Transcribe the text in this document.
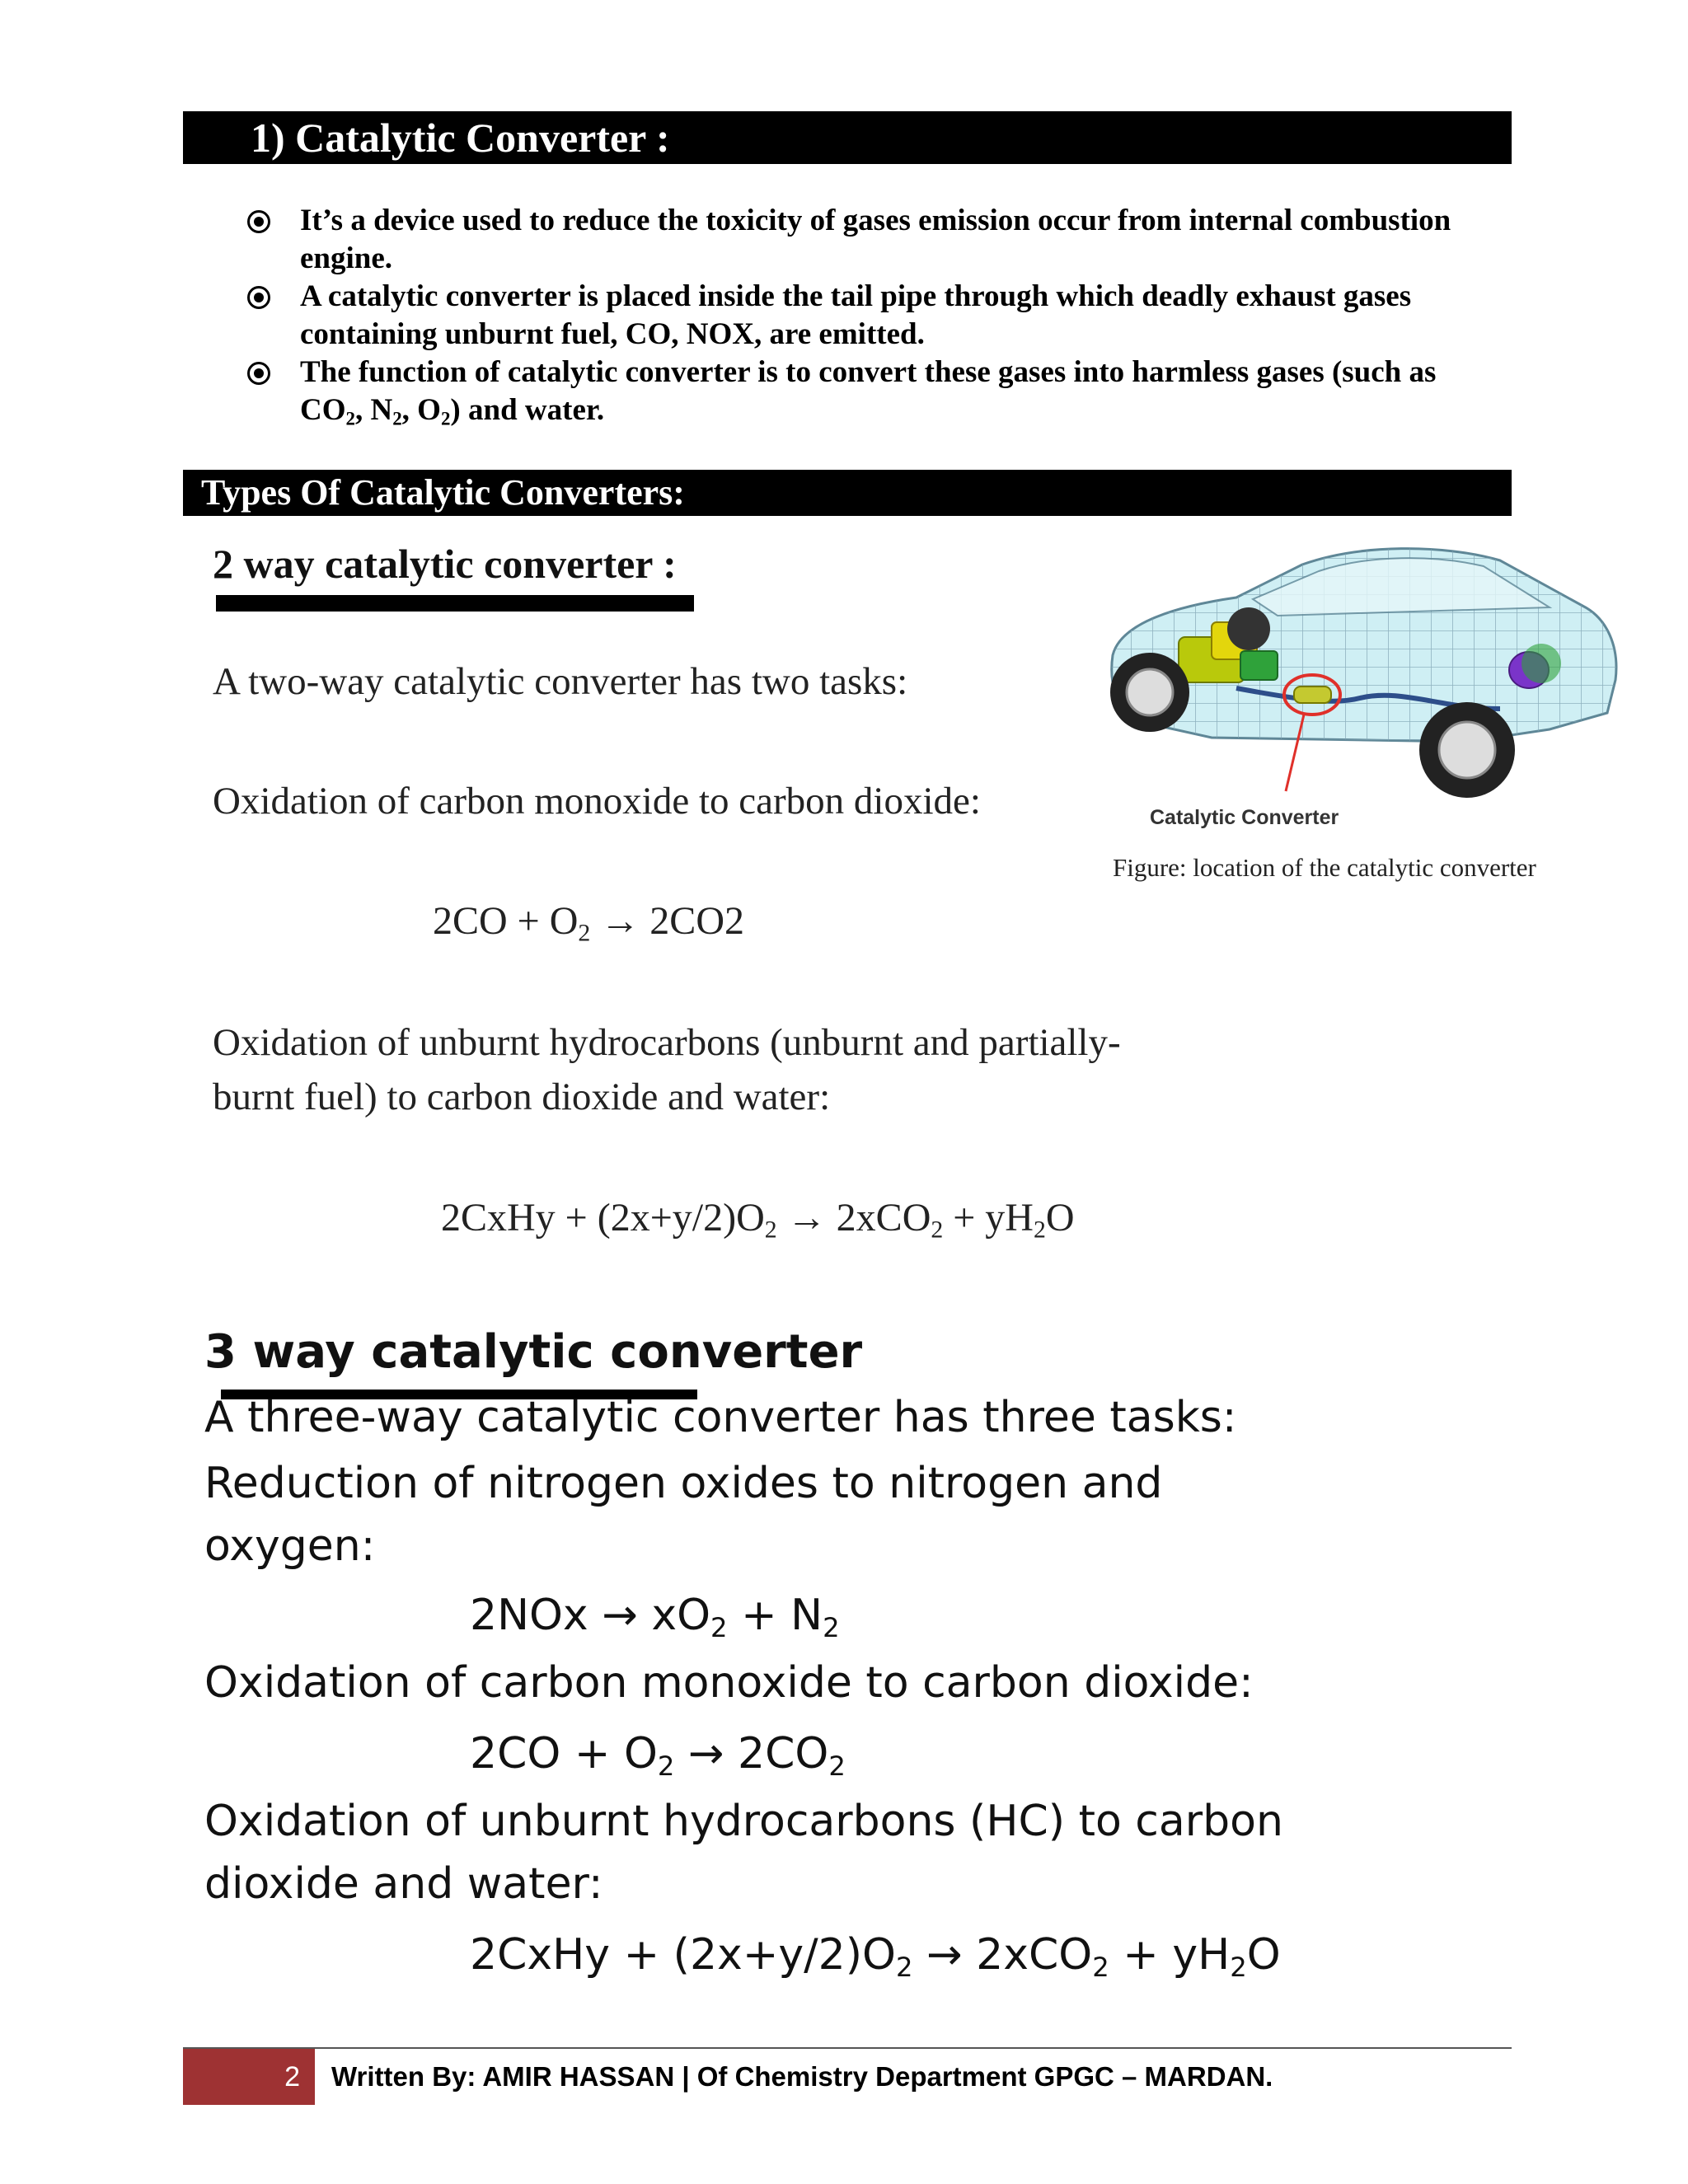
1) Catalytic Converter :
It’s a device used to reduce the toxicity of gases emission occur from internal combustion engine.
A catalytic converter is placed inside the tail pipe through which deadly exhaust gases containing unburnt fuel, CO, NOX, are emitted.
The function of catalytic converter is to convert these gases into harmless gases (such as $CO_2$, $N_2$, $O_2$) and water.
Types Of Catalytic Converters:
2 way catalytic converter :
A two-way catalytic converter has two tasks:
Oxidation of carbon monoxide to carbon dioxide:
$2CO + O_2 \to 2CO2$
Oxidation of unburnt hydrocarbons (unburnt and partially-
burnt fuel) to carbon dioxide and water:
2CxHy + $(2x+y/2)O_2 \to 2xCO_2 + yH_2O$
Catalytic Converter
Figure: location of the catalytic converter
3 way catalytic converter
A three-way catalytic converter has three tasks:
Reduction of nitrogen oxides to nitrogen and
oxygen:
$2NOx \to xO_2 + N_2$
Oxidation of carbon monoxide to carbon dioxide:
$2CO + O_2 \to 2CO_2$
Oxidation of unburnt hydrocarbons (HC) to carbon
dioxide and water:
2CxHy + $(2x+y/2)O_2 \to 2xCO_2 + yH_2O$
2	Written By: AMIR HASSAN | Of Chemistry Department GPGC – MARDAN.
